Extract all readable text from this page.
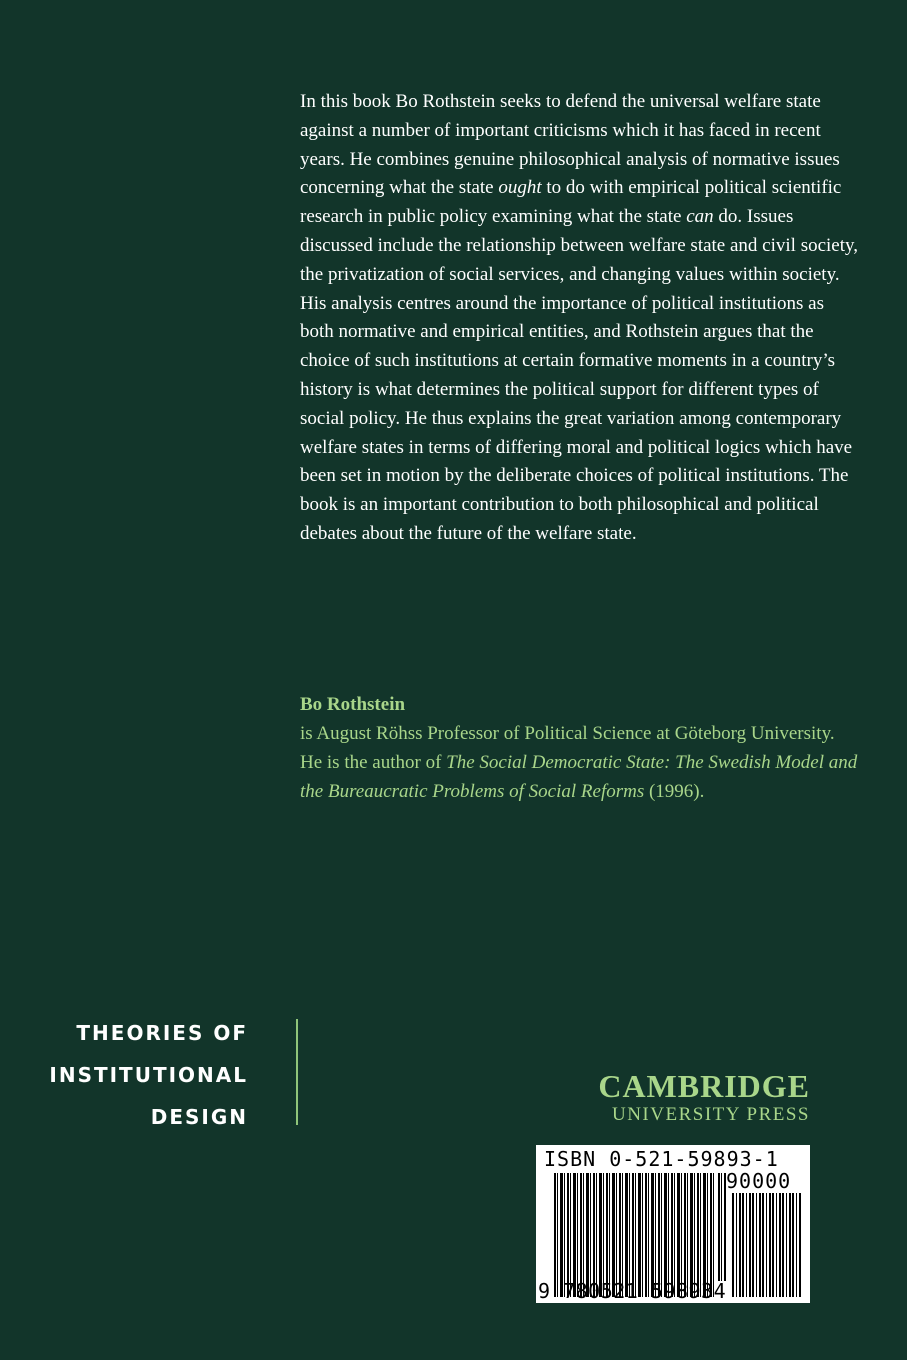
In this book Bo Rothstein seeks to defend the universal welfare state against a number of important criticisms which it has faced in recent years. He combines genuine philosophical analysis of normative issues concerning what the state ought to do with empirical political scientific research in public policy examining what the state can do. Issues discussed include the relationship between welfare state and civil society, the privatization of social services, and changing values within society. His analysis centres around the importance of political institutions as both normative and empirical entities, and Rothstein argues that the choice of such institutions at certain formative moments in a country’s history is what determines the political support for different types of social policy. He thus explains the great variation among contemporary welfare states in terms of differing moral and political logics which have been set in motion by the deliberate choices of political institutions. The book is an important contribution to both philosophical and political debates about the future of the welfare state.

Bo Rothstein
is August Röhss Professor of Political Science at Göteborg University. He is the author of The Social Democratic State: The Swedish Model and the Bureaucratic Problems of Social Reforms (1996).
THEORIES OF
INSTITUTIONAL
DESIGN
CAMBRIDGE
UNIVERSITY PRESS
ISBN 0-521-59893-1
90000
9 780521 598934
